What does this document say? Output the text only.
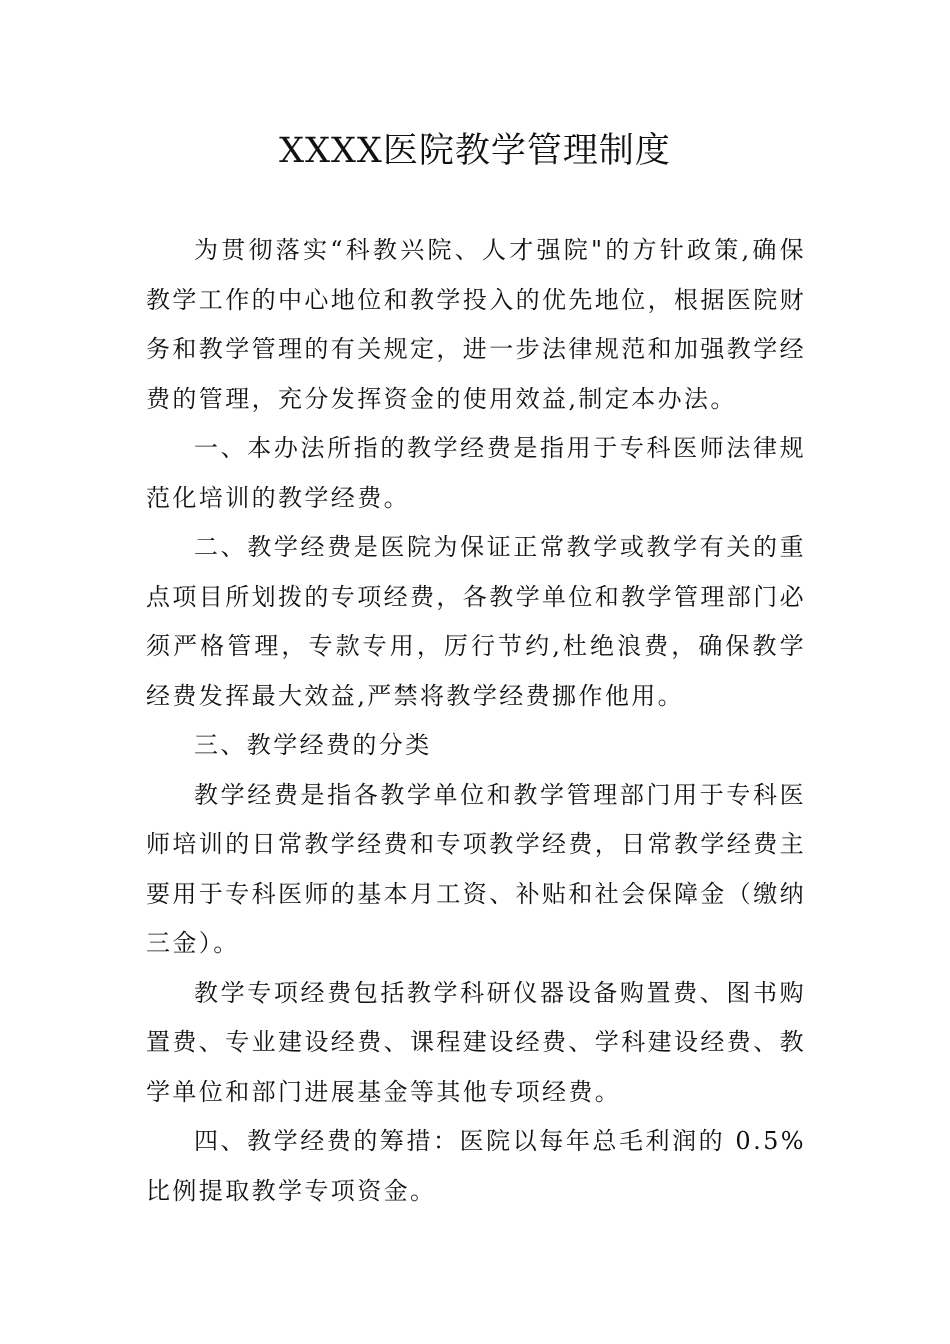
XXXX医院教学管理制度

为贯彻落实“科教兴院、人才强院"的方针政策,确保教学工作的中心地位和教学投入的优先地位，根据医院财务和教学管理的有关规定，进一步法律规范和加强教学经费的管理，充分发挥资金的使用效益,制定本办法。

一、本办法所指的教学经费是指用于专科医师法律规范化培训的教学经费。

二、教学经费是医院为保证正常教学或教学有关的重点项目所划拨的专项经费，各教学单位和教学管理部门必须严格管理，专款专用，厉行节约,杜绝浪费，确保教学经费发挥最大效益,严禁将教学经费挪作他用。

三、教学经费的分类

教学经费是指各教学单位和教学管理部门用于专科医师培训的日常教学经费和专项教学经费，日常教学经费主要用于专科医师的基本月工资、补贴和社会保障金（缴纳三金）。

教学专项经费包括教学科研仪器设备购置费、图书购置费、专业建设经费、课程建设经费、学科建设经费、教学单位和部门进展基金等其他专项经费。

四、教学经费的筹措：医院以每年总毛利润的 0.5%比例提取教学专项资金。
